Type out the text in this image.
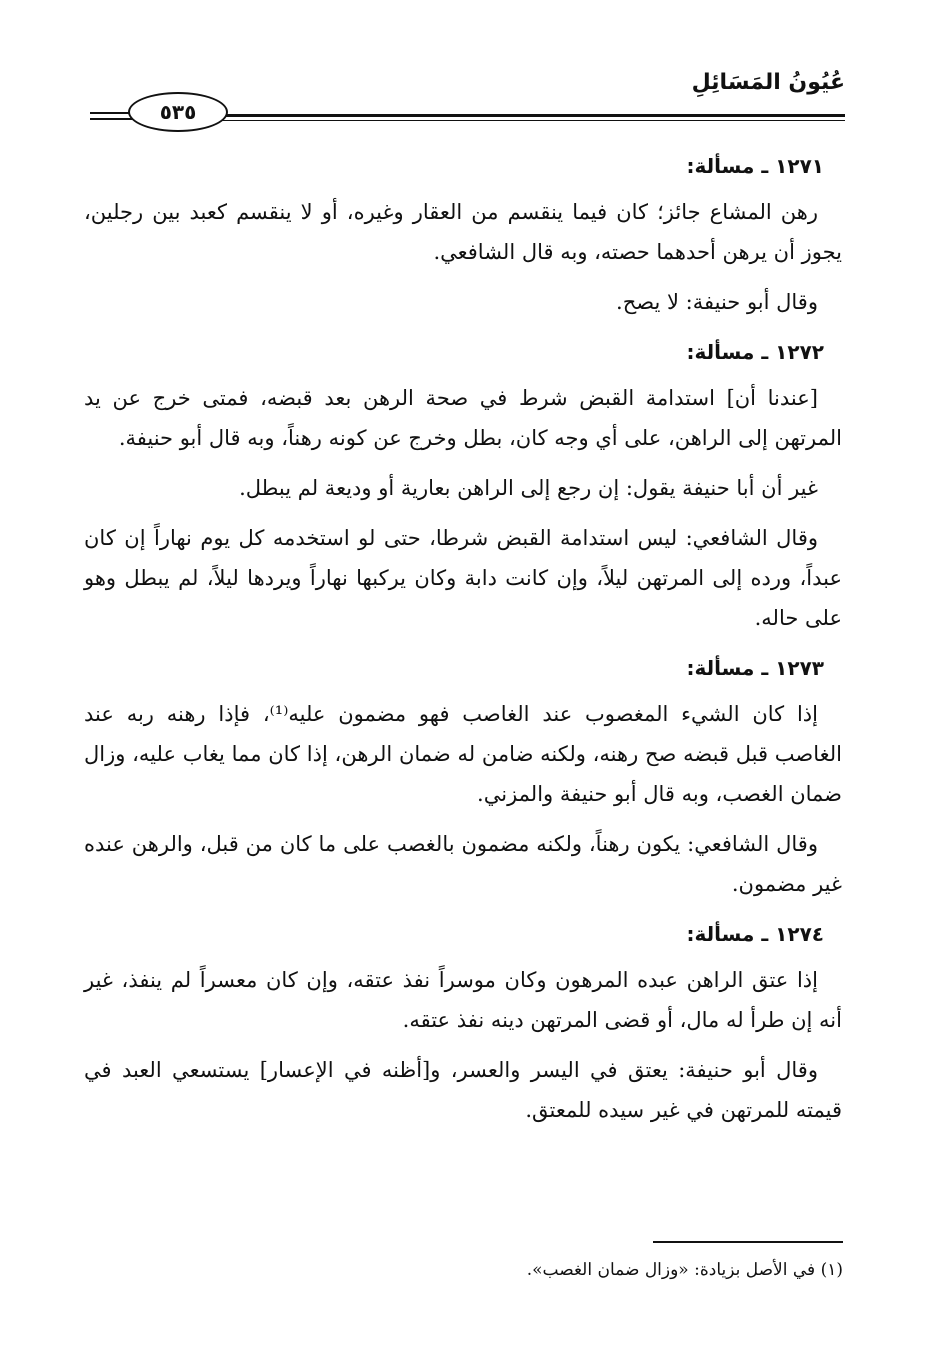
عُيُونُ المَسَائِلِ
٥٣٥
١٢٧١ ـ مسألة:

رهن المشاع جائز؛ كان فيما ينقسم من العقار وغيره، أو لا ينقسم كعبد بين رجلين، يجوز أن يرهن أحدهما حصته، وبه قال الشافعي.

وقال أبو حنيفة: لا يصح.

١٢٧٢ ـ مسألة:

[عندنا أن] استدامة القبض شرط في صحة الرهن بعد قبضه، فمتى خرج عن يد المرتهن إلى الراهن، على أي وجه كان، بطل وخرج عن كونه رهناً، وبه قال أبو حنيفة.

غير أن أبا حنيفة يقول: إن رجع إلى الراهن بعارية أو وديعة لم يبطل.

وقال الشافعي: ليس استدامة القبض شرطا، حتى لو استخدمه كل يوم نهاراً إن كان عبداً، ورده إلى المرتهن ليلاً، وإن كانت دابة وكان يركبها نهاراً ويردها ليلاً، لم يبطل وهو على حاله.

١٢٧٣ ـ مسألة:

إذا كان الشيء المغصوب عند الغاصب فهو مضمون عليه⁽¹⁾، فإذا رهنه ربه عند الغاصب قبل قبضه صح رهنه، ولكنه ضامن له ضمان الرهن، إذا كان مما يغاب عليه، وزال ضمان الغصب، وبه قال أبو حنيفة والمزني.

وقال الشافعي: يكون رهناً، ولكنه مضمون بالغصب على ما كان من قبل، والرهن عنده غير مضمون.

١٢٧٤ ـ مسألة:

إذا عتق الراهن عبده المرهون وكان موسراً نفذ عتقه، وإن كان معسراً لم ينفذ، غير أنه إن طرأ له مال، أو قضى المرتهن دينه نفذ عتقه.

وقال أبو حنيفة: يعتق في اليسر والعسر، و[أظنه في الإعسار] يستسعي العبد في قيمته للمرتهن في غير سيده للمعتق.

(١) في الأصل بزيادة: «وزال ضمان الغصب».
